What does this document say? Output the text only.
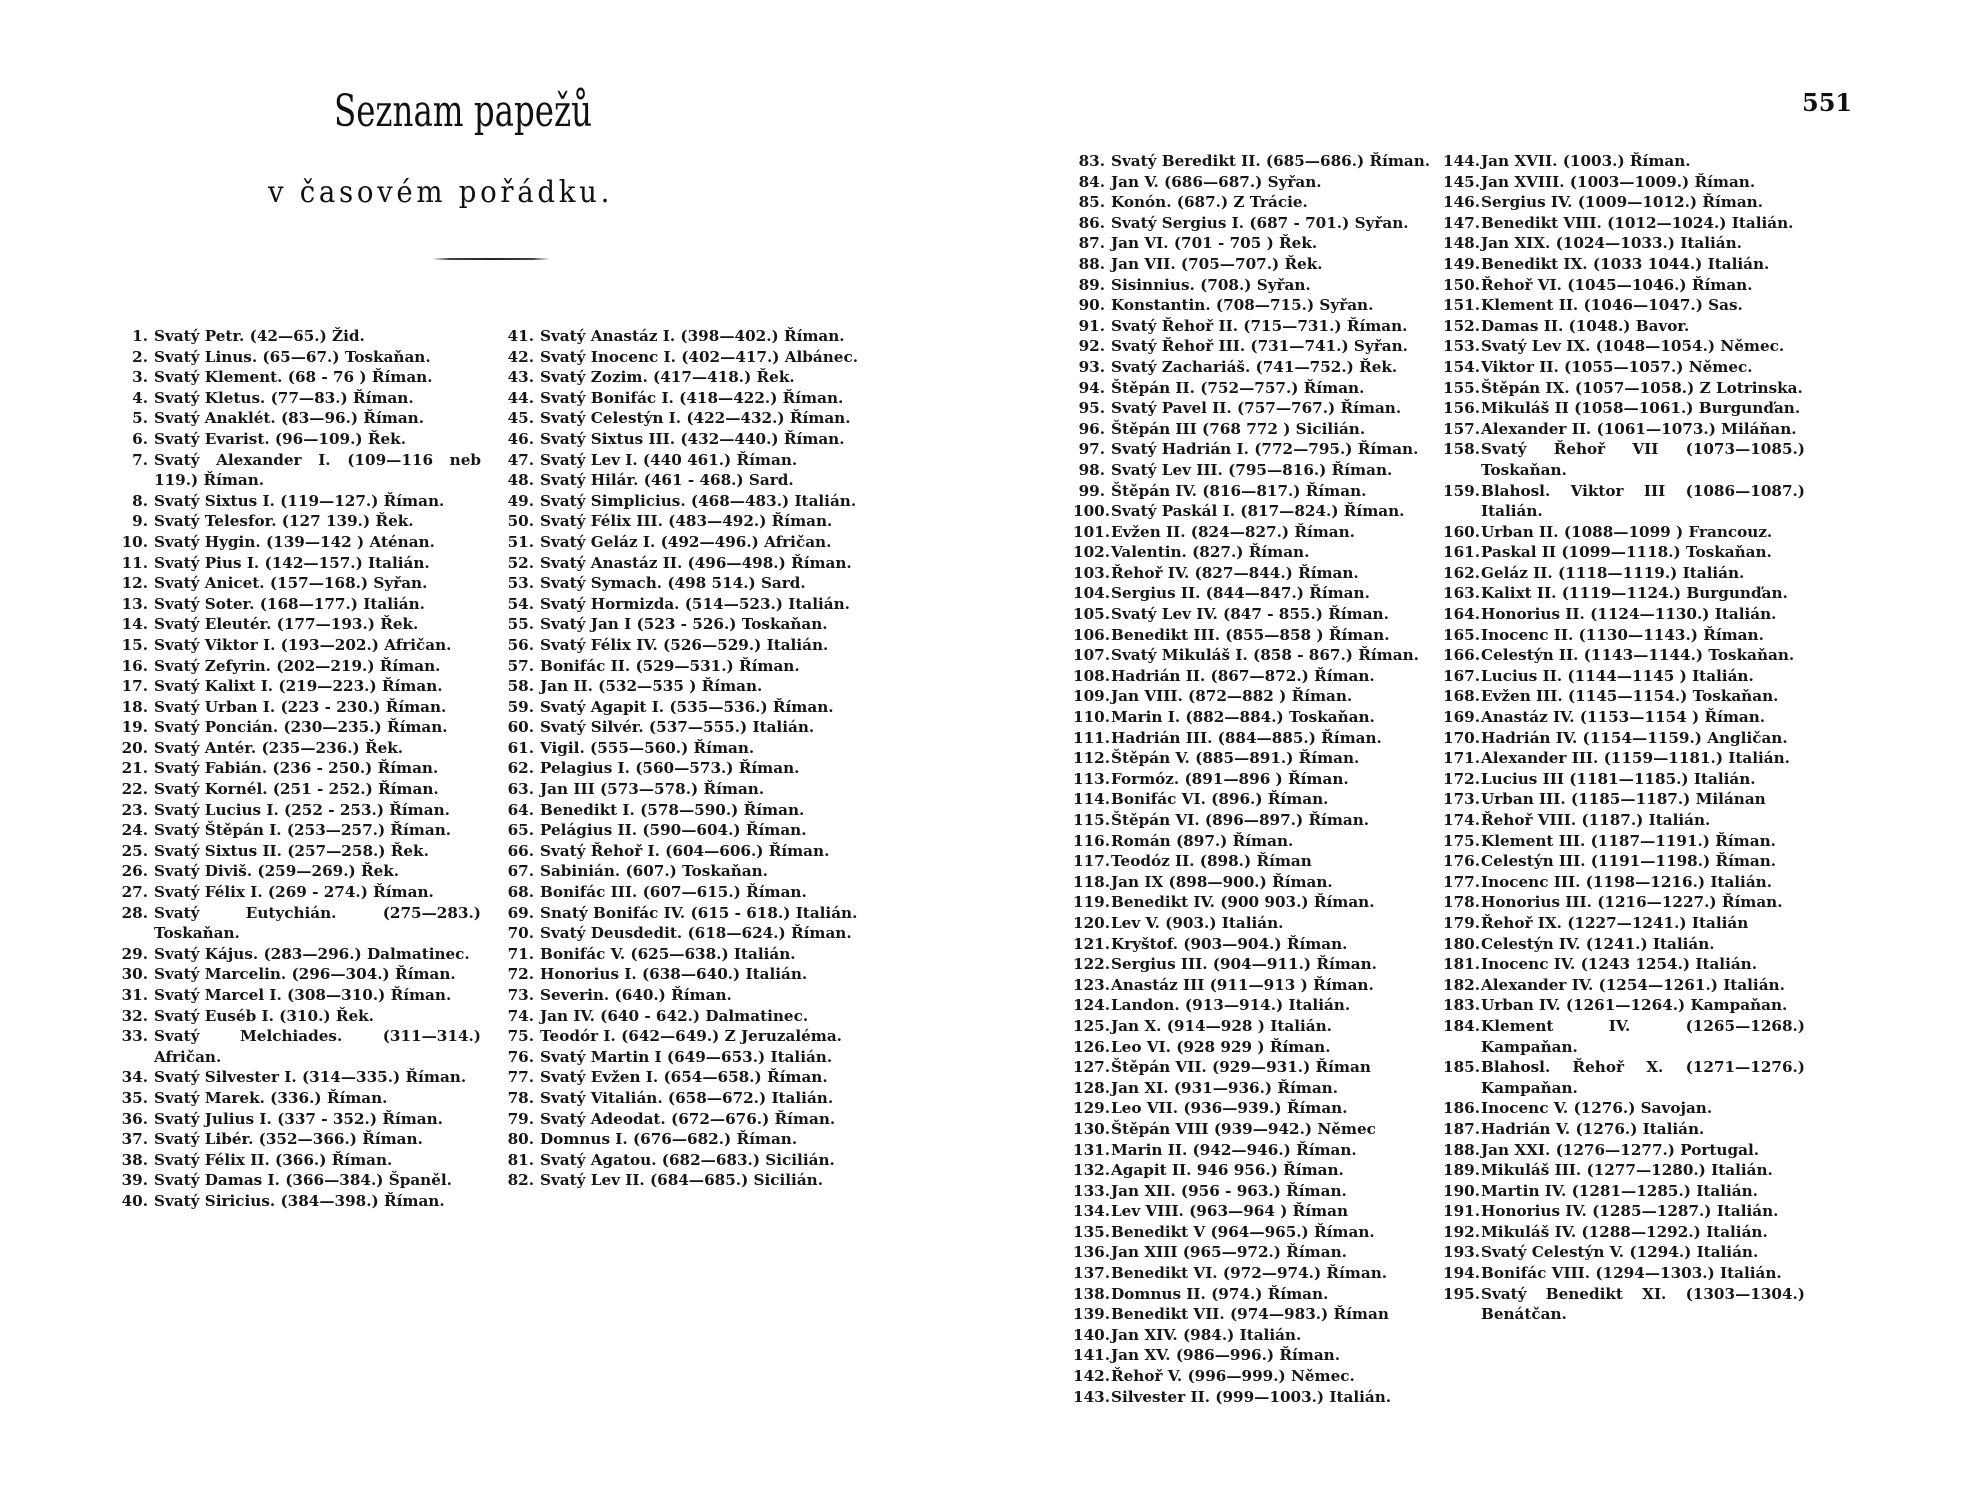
Seznam papežů
v časovém pořádku.
1. Svatý Petr. (42—65.) Žid.
2. Svatý Linus. (65—67.) Toskaňan.
3. Svatý Klement. (68 - 76 ) Říman.
4. Svatý Kletus. (77—83.) Říman.
5. Svatý Anaklét. (83—96.) Říman.
6. Svatý Evarist. (96—109.) Řek.
7. Svatý Alexander I. (109—116 neb 119.) Říman.
8. Svatý Sixtus I. (119—127.) Říman.
9. Svatý Telesfor. (127 139.) Řek.
10. Svatý Hygin. (139—142 ) Aténan.
11. Svatý Pius I. (142—157.) Italián.
12. Svatý Anicet. (157—168.) Syřan.
13. Svatý Soter. (168—177.) Italián.
14. Svatý Eleutér. (177—193.) Řek.
15. Svatý Viktor I. (193—202.) Afričan.
16. Svatý Zefyrin. (202—219.) Říman.
17. Svatý Kalixt I. (219—223.) Říman.
18. Svatý Urban I. (223 - 230.) Říman.
19. Svatý Poncián. (230—235.) Říman.
20. Svatý Antér. (235—236.) Řek.
21. Svatý Fabián. (236 - 250.) Říman.
22. Svatý Kornél. (251 - 252.) Říman.
23. Svatý Lucius I. (252 - 253.) Říman.
24. Svatý Štěpán I. (253—257.) Říman.
25. Svatý Sixtus II. (257—258.) Řek.
26. Svatý Diviš. (259—269.) Řek.
27. Svatý Félix I. (269 - 274.) Říman.
28. Svatý Eutychián. (275—283.) Toskaňan.
29. Svatý Kájus. (283—296.) Dalmatinec.
30. Svatý Marcelin. (296—304.) Říman.
31. Svatý Marcel I. (308—310.) Říman.
32. Svatý Euséb I. (310.) Řek.
33. Svatý Melchiades. (311—314.) Afričan.
34. Svatý Silvester I. (314—335.) Říman.
35. Svatý Marek. (336.) Říman.
36. Svatý Julius I. (337 - 352.) Říman.
37. Svatý Libér. (352—366.) Říman.
38. Svatý Félix II. (366.) Říman.
39. Svatý Damas I. (366—384.) Španěl.
40. Svatý Siricius. (384—398.) Říman.
41. Svatý Anastáz I. (398—402.) Říman.
42. Svatý Inocenc I. (402—417.) Albánec.
43. Svatý Zozim. (417—418.) Řek.
44. Svatý Bonifác I. (418—422.) Říman.
45. Svatý Celestýn I. (422—432.) Říman.
46. Svatý Sixtus III. (432—440.) Říman.
47. Svatý Lev I. (440 461.) Říman.
48. Svatý Hilár. (461 - 468.) Sard.
49. Svatý Simplicius. (468—483.) Italián.
50. Svatý Félix III. (483—492.) Říman.
51. Svatý Geláz I. (492—496.) Afričan.
52. Svatý Anastáz II. (496—498.) Říman.
53. Svatý Symach. (498 514.) Sard.
54. Svatý Hormizda. (514—523.) Italián.
55. Svatý Jan I (523 - 526.) Toskaňan.
56. Svatý Félix IV. (526—529.) Italián.
57. Bonifác II. (529—531.) Říman.
58. Jan II. (532—535 ) Říman.
59. Svatý Agapit I. (535—536.) Říman.
60. Svatý Silvér. (537—555.) Italián.
61. Vigil. (555—560.) Říman.
62. Pelagius I. (560—573.) Říman.
63. Jan III (573—578.) Říman.
64. Benedikt I. (578—590.) Říman.
65. Pelágius II. (590—604.) Říman.
66. Svatý Řehoř I. (604—606.) Říman.
67. Sabinián. (607.) Toskaňan.
68. Bonifác III. (607—615.) Říman.
69. Snatý Bonifác IV. (615 - 618.) Italián.
70. Svatý Deusdedit. (618—624.) Říman.
71. Bonifác V. (625—638.) Italián.
72. Honorius I. (638—640.) Italián.
73. Severin. (640.) Říman.
74. Jan IV. (640 - 642.) Dalmatinec.
75. Teodór I. (642—649.) Z Jeruzaléma.
76. Svatý Martin I (649—653.) Italián.
77. Svatý Evžen I. (654—658.) Říman.
78. Svatý Vitalián. (658—672.) Italián.
79. Svatý Adeodat. (672—676.) Říman.
80. Domnus I. (676—682.) Říman.
81. Svatý Agatou. (682—683.) Sicilián.
82. Svatý Lev II. (684—685.) Sicilián.
551
83. Svatý Beredikt II. (685—686.) Říman.
84. Jan V. (686—687.) Syřan.
85. Konón. (687.) Z Trácie.
86. Svatý Sergius I. (687 - 701.) Syřan.
87. Jan VI. (701 - 705 ) Řek.
88. Jan VII. (705—707.) Řek.
89. Sisinnius. (708.) Syřan.
90. Konstantin. (708—715.) Syřan.
91. Svatý Řehoř II. (715—731.) Říman.
92. Svatý Řehoř III. (731—741.) Syřan.
93. Svatý Zachariáš. (741—752.) Řek.
94. Štěpán II. (752—757.) Říman.
95. Svatý Pavel II. (757—767.) Říman.
96. Štěpán III (768 772 ) Sicilián.
97. Svatý Hadrián I. (772—795.) Říman.
98. Svatý Lev III. (795—816.) Říman.
99. Štěpán IV. (816—817.) Říman.
100. Svatý Paskál I. (817—824.) Říman.
101. Evžen II. (824—827.) Říman.
102. Valentin. (827.) Říman.
103. Řehoř IV. (827—844.) Říman.
104. Sergius II. (844—847.) Říman.
105. Svatý Lev IV. (847 - 855.) Říman.
106. Benedikt III. (855—858 ) Říman.
107. Svatý Mikuláš I. (858 - 867.) Říman.
108. Hadrián II. (867—872.) Říman.
109. Jan VIII. (872—882 ) Říman.
110. Marin I. (882—884.) Toskaňan.
111. Hadrián III. (884—885.) Říman.
112. Štěpán V. (885—891.) Říman.
113. Formóz. (891—896 ) Říman.
114. Bonifác VI. (896.) Říman.
115. Štěpán VI. (896—897.) Říman.
116. Román (897.) Říman.
117. Teodóz II. (898.) Říman
118. Jan IX (898—900.) Říman.
119. Benedikt IV. (900 903.) Říman.
120. Lev V. (903.) Italián.
121. Kryštof. (903—904.) Říman.
122. Sergius III. (904—911.) Říman.
123. Anastáz III (911—913 ) Říman.
124. Landon. (913—914.) Italián.
125. Jan X. (914—928 ) Italián.
126. Leo VI. (928 929 ) Říman.
127. Štěpán VII. (929—931.) Říman
128. Jan XI. (931—936.) Říman.
129. Leo VII. (936—939.) Říman.
130. Štěpán VIII (939—942.) Němec
131. Marin II. (942—946.) Říman.
132. Agapit II. 946 956.) Říman.
133. Jan XII. (956 - 963.) Říman.
134. Lev VIII. (963—964 ) Říman
135. Benedikt V (964—965.) Říman.
136. Jan XIII (965—972.) Říman.
137. Benedikt VI. (972—974.) Říman.
138. Domnus II. (974.) Říman.
139. Benedikt VII. (974—983.) Říman
140. Jan XIV. (984.) Italián.
141. Jan XV. (986—996.) Říman.
142. Řehoř V. (996—999.) Němec.
143. Silvester II. (999—1003.) Italián.
144. Jan XVII. (1003.) Říman.
145. Jan XVIII. (1003—1009.) Říman.
146. Sergius IV. (1009—1012.) Říman.
147. Benedikt VIII. (1012—1024.) Italián.
148. Jan XIX. (1024—1033.) Italián.
149. Benedikt IX. (1033 1044.) Italián.
150. Řehoř VI. (1045—1046.) Říman.
151. Klement II. (1046—1047.) Sas.
152. Damas II. (1048.) Bavor.
153. Svatý Lev IX. (1048—1054.) Němec.
154. Viktor II. (1055—1057.) Němec.
155. Štěpán IX. (1057—1058.) Z Lotrinska.
156. Mikuláš II (1058—1061.) Burgunďan.
157. Alexander II. (1061—1073.) Miláňan.
158. Svatý Řehoř VII (1073—1085.) Toskaňan.
159. Blahosl. Viktor III (1086—1087.) Italián.
160. Urban II. (1088—1099 ) Francouz.
161. Paskal II (1099—1118.) Toskaňan.
162. Geláz II. (1118—1119.) Italián.
163. Kalixt II. (1119—1124.) Burgunďan.
164. Honorius II. (1124—1130.) Italián.
165. Inocenc II. (1130—1143.) Říman.
166. Celestýn II. (1143—1144.) Toskaňan.
167. Lucius II. (1144—1145 ) Italián.
168. Evžen III. (1145—1154.) Toskaňan.
169. Anastáz IV. (1153—1154 ) Říman.
170. Hadrián IV. (1154—1159.) Angličan.
171. Alexander III. (1159—1181.) Italián.
172. Lucius III (1181—1185.) Italián.
173. Urban III. (1185—1187.) Milánan
174. Řehoř VIII. (1187.) Italián.
175. Klement III. (1187—1191.) Říman.
176. Celestýn III. (1191—1198.) Říman.
177. Inocenc III. (1198—1216.) Italián.
178. Honorius III. (1216—1227.) Říman.
179. Řehoř IX. (1227—1241.) Italián
180. Celestýn IV. (1241.) Italián.
181. Inocenc IV. (1243 1254.) Italián.
182. Alexander IV. (1254—1261.) Italián.
183. Urban IV. (1261—1264.) Kampaňan.
184. Klement IV. (1265—1268.) Kampaňan.
185. Blahosl. Řehoř X. (1271—1276.) Kampaňan.
186. Inocenc V. (1276.) Savojan.
187. Hadrián V. (1276.) Italián.
188. Jan XXI. (1276—1277.) Portugal.
189. Mikuláš III. (1277—1280.) Italián.
190. Martin IV. (1281—1285.) Italián.
191. Honorius IV. (1285—1287.) Italián.
192. Mikuláš IV. (1288—1292.) Italián.
193. Svatý Celestýn V. (1294.) Italián.
194. Bonifác VIII. (1294—1303.) Italián.
195. Svatý Benedikt XI. (1303—1304.) Benátčan.
